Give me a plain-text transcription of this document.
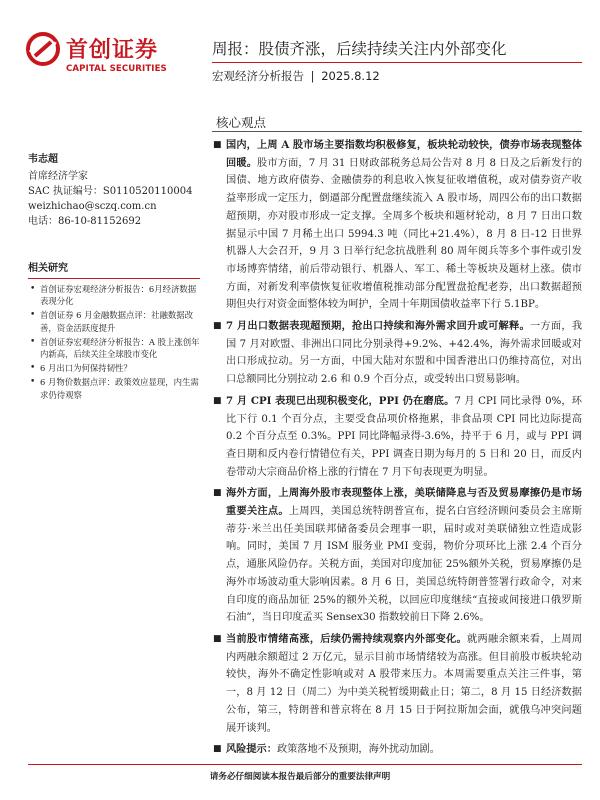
首创证券
CAPITAL SECURITIES
周报：股债齐涨，后续持续关注内外部变化
宏观经济分析报告 | 2025.8.12
核心观点
韦志超
首席经济学家
SAC 执证编号：S0110520110004
weizhichao@sczq.com.cn
电话：86-10-81152692
相关研究
• 首创证券宏观经济分析报告：6月经济数据表现分化
• 首创证券 6 月金融数据点评：社融数据改善，资金活跃度提升
• 首创证券宏观经济分析报告：A 股上涨创年内新高，后续关注全球股市变化
• 6 月出口为何保持韧性？
• 6 月物价数据点评：政策效应显现，内生需求仍待观察

■ 国内，上周 A 股市场主要指数均积极修复，板块轮动较快，债券市场表现整体回暖。股市方面，7 月 31 日财政部税务总局公告对 8 月 8 日及之后新发行的国债、地方政府债券、金融债券的利息收入恢复征收增值税，或对债券资产收益率形成一定压力，倒逼部分配置盘继续流入 A 股市场，周四公布的出口数据超预期，亦对股市形成一定支撑。全周多个板块和题材轮动，8 月 7 日出口数据显示中国 7 月稀土出口 5994.3 吨（同比+21.4%），8 月 8 日-12 日世界机器人大会召开，9 月 3 日举行纪念抗战胜利 80 周年阅兵等多个事件或引发市场博弈情绪，前后带动银行、机器人、军工、稀土等板块及题材上涨。债市方面，对新发利率债恢复征收增值税推动部分配置盘抢配老券，出口数据超预期但央行对资金面整体较为呵护，全周十年期国债收益率下行 5.1BP。

■ 7 月出口数据表现超预期，抢出口持续和海外需求回升或可解释。一方面，我国 7 月对欧盟、非洲出口同比分别录得+9.2%、+42.4%，海外需求回暖或对出口形成拉动。另一方面，中国大陆对东盟和中国香港出口仍维持高位，对出口总额同比分别拉动 2.6 和 0.9 个百分点，或受转出口贸易影响。

■ 7 月 CPI 表现已出现积极变化，PPI 仍在磨底。7 月 CPI 同比录得 0%，环比下行 0.1 个百分点，主要受食品项价格拖累，非食品项 CPI 同比边际提高 0.2 个百分点至 0.3%。PPI 同比降幅录得-3.6%，持平于 6 月，或与 PPI 调查日期和反内卷行情错位有关，PPI 调查日期为每月的 5 日和 20 日，而反内卷带动大宗商品价格上涨的行情在 7 月下旬表现更为明显。

■ 海外方面，上周海外股市表现整体上涨，美联储降息与否及贸易摩擦仍是市场重要关注点。上周四，美国总统特朗普宣布，提名白宫经济顾问委员会主席斯蒂芬·米兰出任美国联邦储备委员会理事一职，届时或对美联储独立性造成影响。同时，美国 7 月 ISM 服务业 PMI 变弱，物价分项环比上涨 2.4 个百分点，通胀风险仍存。关税方面，美国对印度加征 25%额外关税，贸易摩擦仍是海外市场波动重大影响因素。8 月 6 日，美国总统特朗普签署行政命令，对来自印度的商品加征 25%的额外关税，以回应印度继续“直接或间接进口俄罗斯石油”，当日印度孟买 Sensex30 指数较前日下降 2.6%。

■ 当前股市情绪高涨，后续仍需持续观察内外部变化。就两融余额来看，上周周内两融余额超过 2 万亿元，显示目前市场情绪较为高涨。但目前股市板块轮动较快，海外不确定性影响或对 A 股带来压力。本周需要重点关注三件事，第一，8 月 12 日（周二）为中美关税暂缓期截止日；第二，8 月 15 日经济数据公布，第三，特朗普和普京将在 8 月 15 日于阿拉斯加会面，就俄乌冲突问题展开谈判。

■ 风险提示：政策落地不及预期，海外扰动加剧。

请务必仔细阅读本报告最后部分的重要法律声明
